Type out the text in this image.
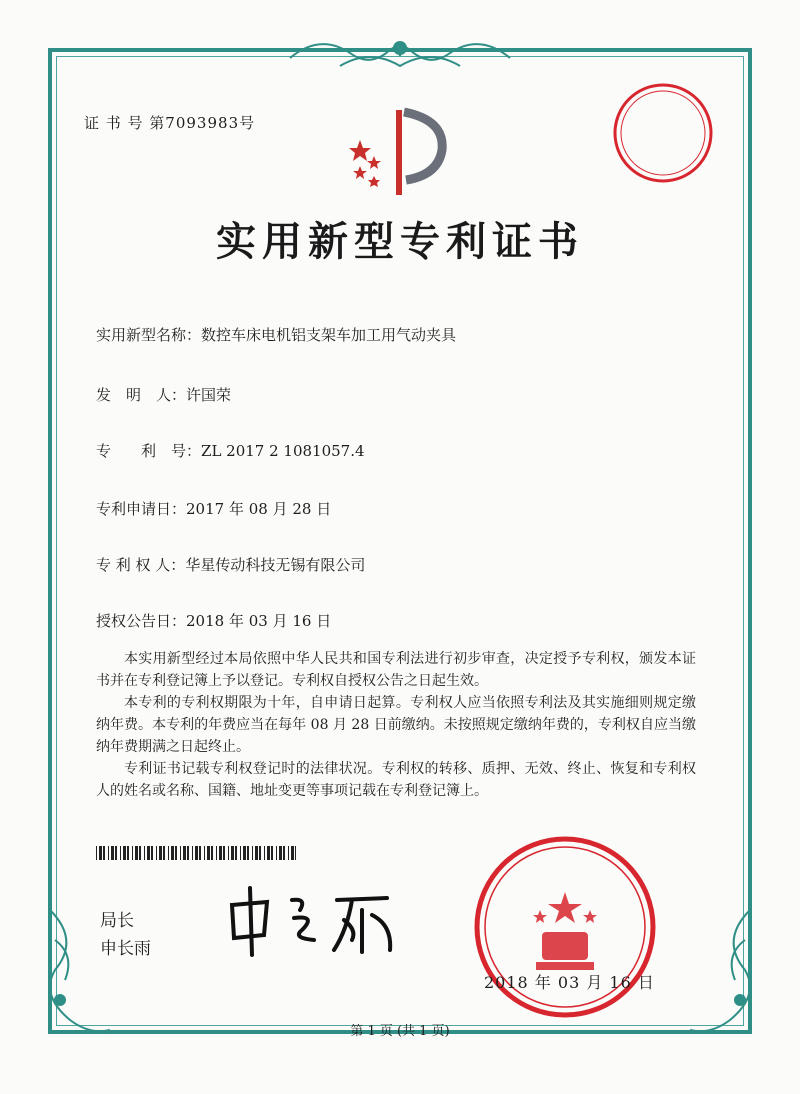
证 书 号 第7093983号
实用新型专利证书
实用新型名称：数控车床电机铝支架车加工用气动夹具
发　明　人：许国荣
专　　利　号：ZL 2017 2 1081057.4
专利申请日：2017 年 08 月 28 日
专 利 权 人：华星传动科技无锡有限公司
授权公告日：2018 年 03 月 16 日

本实用新型经过本局依照中华人民共和国专利法进行初步审查，决定授予专利权，颁发本证书并在专利登记簿上予以登记。专利权自授权公告之日起生效。

本专利的专利权期限为十年，自申请日起算。专利权人应当依照专利法及其实施细则规定缴纳年费。本专利的年费应当在每年 08 月 28 日前缴纳。未按照规定缴纳年费的，专利权自应当缴纳年费期满之日起终止。

专利证书记载专利权登记时的法律状况。专利权的转移、质押、无效、终止、恢复和专利权人的姓名或名称、国籍、地址变更等事项记载在专利登记簿上。

局长
申长雨
2018 年 03 月 16 日
第 1 页 (共 1 页)
